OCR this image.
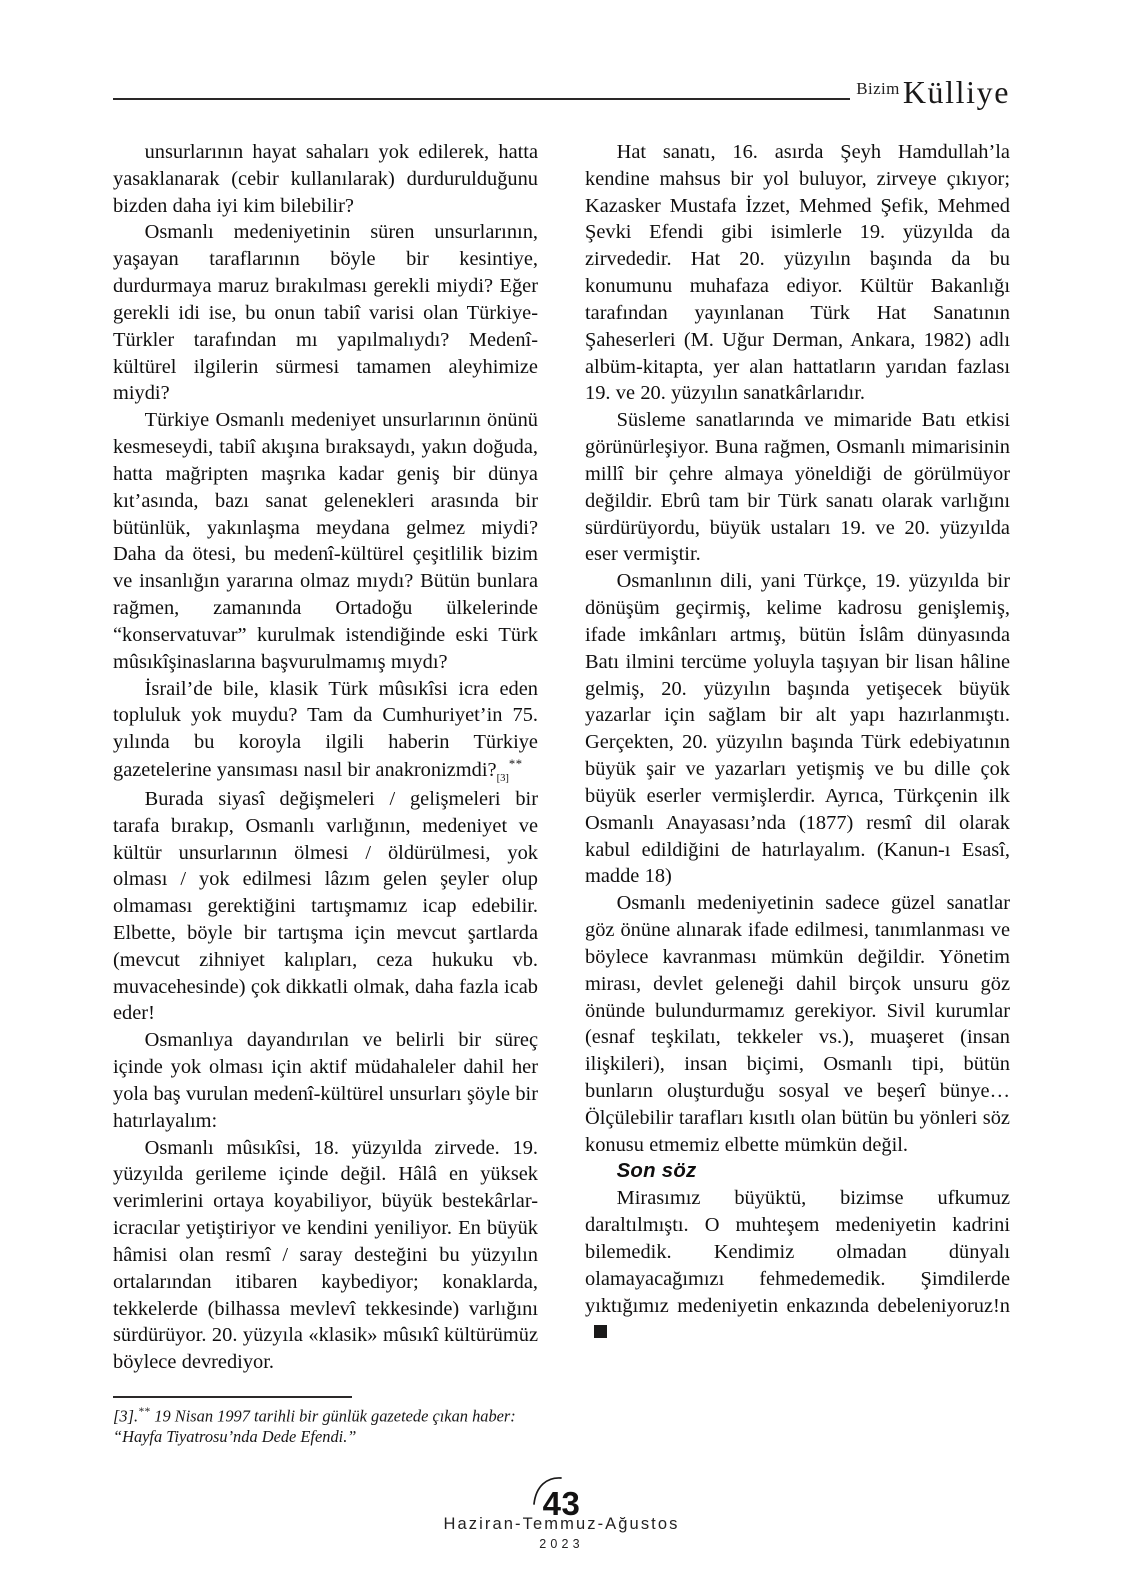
Bizim Külliye

unsurlarının hayat sahaları yok edilerek, hatta yasaklanarak (cebir kullanılarak) durdurulduğunu bizden daha iyi kim bilebilir?

Osmanlı medeniyetinin süren unsurlarının, yaşayan taraflarının böyle bir kesintiye, durdurmaya maruz bırakılması gerekli miydi? Eğer gerekli idi ise, bu onun tabiî varisi olan Türkiye-Türkler tarafından mı yapılmalıydı? Medenî-kültürel ilgilerin sürmesi tamamen aleyhimize miydi?

Türkiye Osmanlı medeniyet unsurlarının önünü kesmeseydi, tabiî akışına bıraksaydı, yakın doğuda, hatta mağripten maşrıka kadar geniş bir dünya kıt’asında, bazı sanat gelenekleri arasında bir bütünlük, yakınlaşma meydana gelmez miydi? Daha da ötesi, bu medenî-kültürel çeşitlilik bizim ve insanlığın yararına olmaz mıydı? Bütün bunlara rağmen, zamanında Ortadoğu ülkelerinde “konservatuvar” kurulmak istendiğinde eski Türk mûsıkîşinaslarına başvurulmamış mıydı?

İsrail’de bile, klasik Türk mûsıkîsi icra eden topluluk yok muydu? Tam da Cumhuriyet’in 75. yılında bu koroyla ilgili haberin Türkiye gazetelerine yansıması nasıl bir $anakronizmdi?_{[3]}^{**}$

Burada siyasî değişmeleri / gelişmeleri bir tarafa bırakıp, Osmanlı varlığının, medeniyet ve kültür unsurlarının ölmesi / öldürülmesi, yok olması / yok edilmesi lâzım gelen şeyler olup olmaması gerektiğini tartışmamız icap edebilir. Elbette, böyle bir tartışma için mevcut şartlarda (mevcut zihniyet kalıpları, ceza hukuku vb. muvacehesinde) çok dikkatli olmak, daha fazla icab eder!

Osmanlıya dayandırılan ve belirli bir süreç içinde yok olması için aktif müdahaleler dahil her yola baş vurulan medenî-kültürel unsurları şöyle bir hatırlayalım:

Osmanlı mûsıkîsi, 18. yüzyılda zirvede. 19. yüzyılda gerileme içinde değil. Hâlâ en yüksek verimlerini ortaya koyabiliyor, büyük bestekârlar-icracılar yetiştiriyor ve kendini yeniliyor. En büyük hâmisi olan resmî / saray desteğini bu yüzyılın ortalarından itibaren kaybediyor; konaklarda, tekkelerde (bilhassa mevlevî tekkesinde) varlığını sürdürüyor. 20. yüzyıla «klasik» mûsıkî kültürümüz böylece devrediyor.

Hat sanatı, 16. asırda Şeyh Hamdullah’la kendine mahsus bir yol buluyor, zirveye çıkıyor; Kazasker Mustafa İzzet, Mehmed Şefik, Mehmed Şevki Efendi gibi isimlerle 19. yüzyılda da zirvededir. Hat 20. yüzyılın başında da bu konumunu muhafaza ediyor. Kültür Bakanlığı tarafından yayınlanan Türk Hat Sanatının Şaheserleri (M. Uğur Derman, Ankara, 1982) adlı albüm-kitapta, yer alan hattatların yarıdan fazlası 19. ve 20. yüzyılın sanatkârlarıdır.

Süsleme sanatlarında ve mimaride Batı etkisi görünürleşiyor. Buna rağmen, Osmanlı mimarisinin millî bir çehre almaya yöneldiği de görülmüyor değildir. Ebrû tam bir Türk sanatı olarak varlığını sürdürüyordu, büyük ustaları 19. ve 20. yüzyılda eser vermiştir.

Osmanlının dili, yani Türkçe, 19. yüzyılda bir dönüşüm geçirmiş, kelime kadrosu genişlemiş, ifade imkânları artmış, bütün İslâm dünyasında Batı ilmini tercüme yoluyla taşıyan bir lisan hâline gelmiş, 20. yüzyılın başında yetişecek büyük yazarlar için sağlam bir alt yapı hazırlanmıştı. Gerçekten, 20. yüzyılın başında Türk edebiyatının büyük şair ve yazarları yetişmiş ve bu dille çok büyük eserler vermişlerdir. Ayrıca, Türkçenin ilk Osmanlı Anayasası’nda (1877) resmî dil olarak kabul edildiğini de hatırlayalım. (Kanun-ı Esasî, madde 18)

Osmanlı medeniyetinin sadece güzel sanatlar göz önüne alınarak ifade edilmesi, tanımlanması ve böylece kavranması mümkün değildir. Yönetim mirası, devlet geleneği dahil birçok unsuru göz önünde bulundurmamız gerekiyor. Sivil kurumlar (esnaf teşkilatı, tekkeler vs.), muaşeret (insan ilişkileri), insan biçimi, Osmanlı tipi, bütün bunların oluşturduğu sosyal ve beşerî bünye… Ölçülebilir tarafları kısıtlı olan bütün bu yönleri söz konusu etmemiz elbette mümkün değil.

Son söz

Mirasımız büyüktü, bizimse ufkumuz daraltılmıştı. O muhteşem medeniyetin kadrini bilemedik. Kendimiz olmadan dünyalı olamayacağımızı fehmedemedik. Şimdilerde yıktığımız medeniyetin enkazında debeleniyoruz!n

[3].** 19 Nisan 1997 tarihli bir günlük gazetede çıkan haber: “Hayfa Tiyatrosu’nda Dede Efendi.”

43
Haziran-Temmuz-Ağustos
2023
